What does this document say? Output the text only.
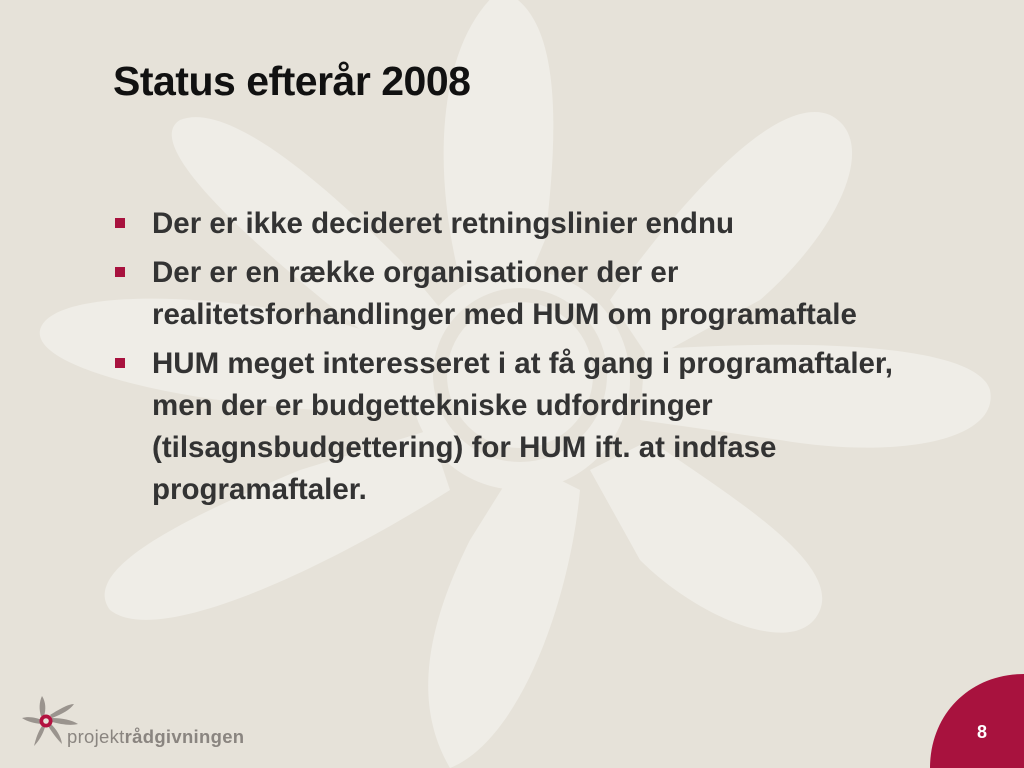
Status efterår 2008
Der er ikke decideret retningslinier endnu
Der er en række organisationer der er realitetsforhandlinger med HUM om programaftale
HUM meget interesseret i at få gang i programaftaler, men der er budgettekniske udfordringer (tilsagnsbudgettering) for HUM ift. at indfase programaftaler.
projektrådgivningen	8
